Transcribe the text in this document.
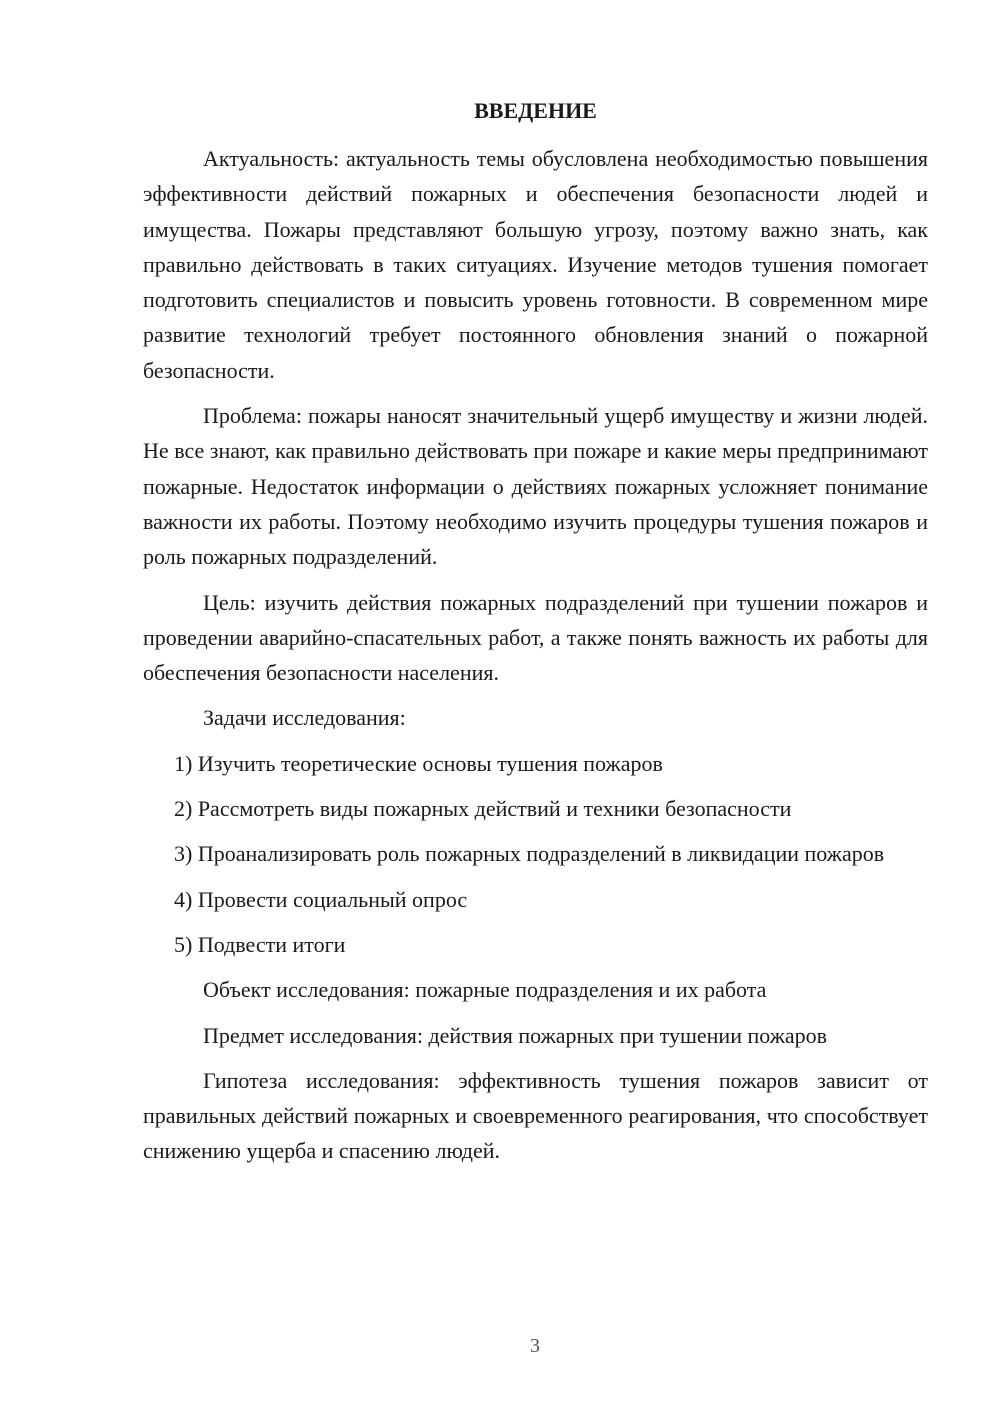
ВВЕДЕНИЕ

Актуальность: актуальность темы обусловлена необходимостью повышения эффективности действий пожарных и обеспечения безопасности людей и имущества. Пожары представляют большую угрозу, поэтому важно знать, как правильно действовать в таких ситуациях. Изучение методов тушения помогает подготовить специалистов и повысить уровень готовности. В современном мире развитие технологий требует постоянного обновления знаний о пожарной безопасности.

Проблема: пожары наносят значительный ущерб имуществу и жизни людей. Не все знают, как правильно действовать при пожаре и какие меры предпринимают пожарные. Недостаток информации о действиях пожарных усложняет понимание важности их работы. Поэтому необходимо изучить процедуры тушения пожаров и роль пожарных подразделений.

Цель: изучить действия пожарных подразделений при тушении пожаров и проведении аварийно-спасательных работ, а также понять важность их работы для обеспечения безопасности населения.

Задачи исследования:

1) Изучить теоретические основы тушения пожаров

2) Рассмотреть виды пожарных действий и техники безопасности

3) Проанализировать роль пожарных подразделений в ликвидации пожаров

4) Провести социальный опрос

5) Подвести итоги

Объект исследования: пожарные подразделения и их работа

Предмет исследования: действия пожарных при тушении пожаров

Гипотеза исследования: эффективность тушения пожаров зависит от правильных действий пожарных и своевременного реагирования, что способствует снижению ущерба и спасению людей.

3
